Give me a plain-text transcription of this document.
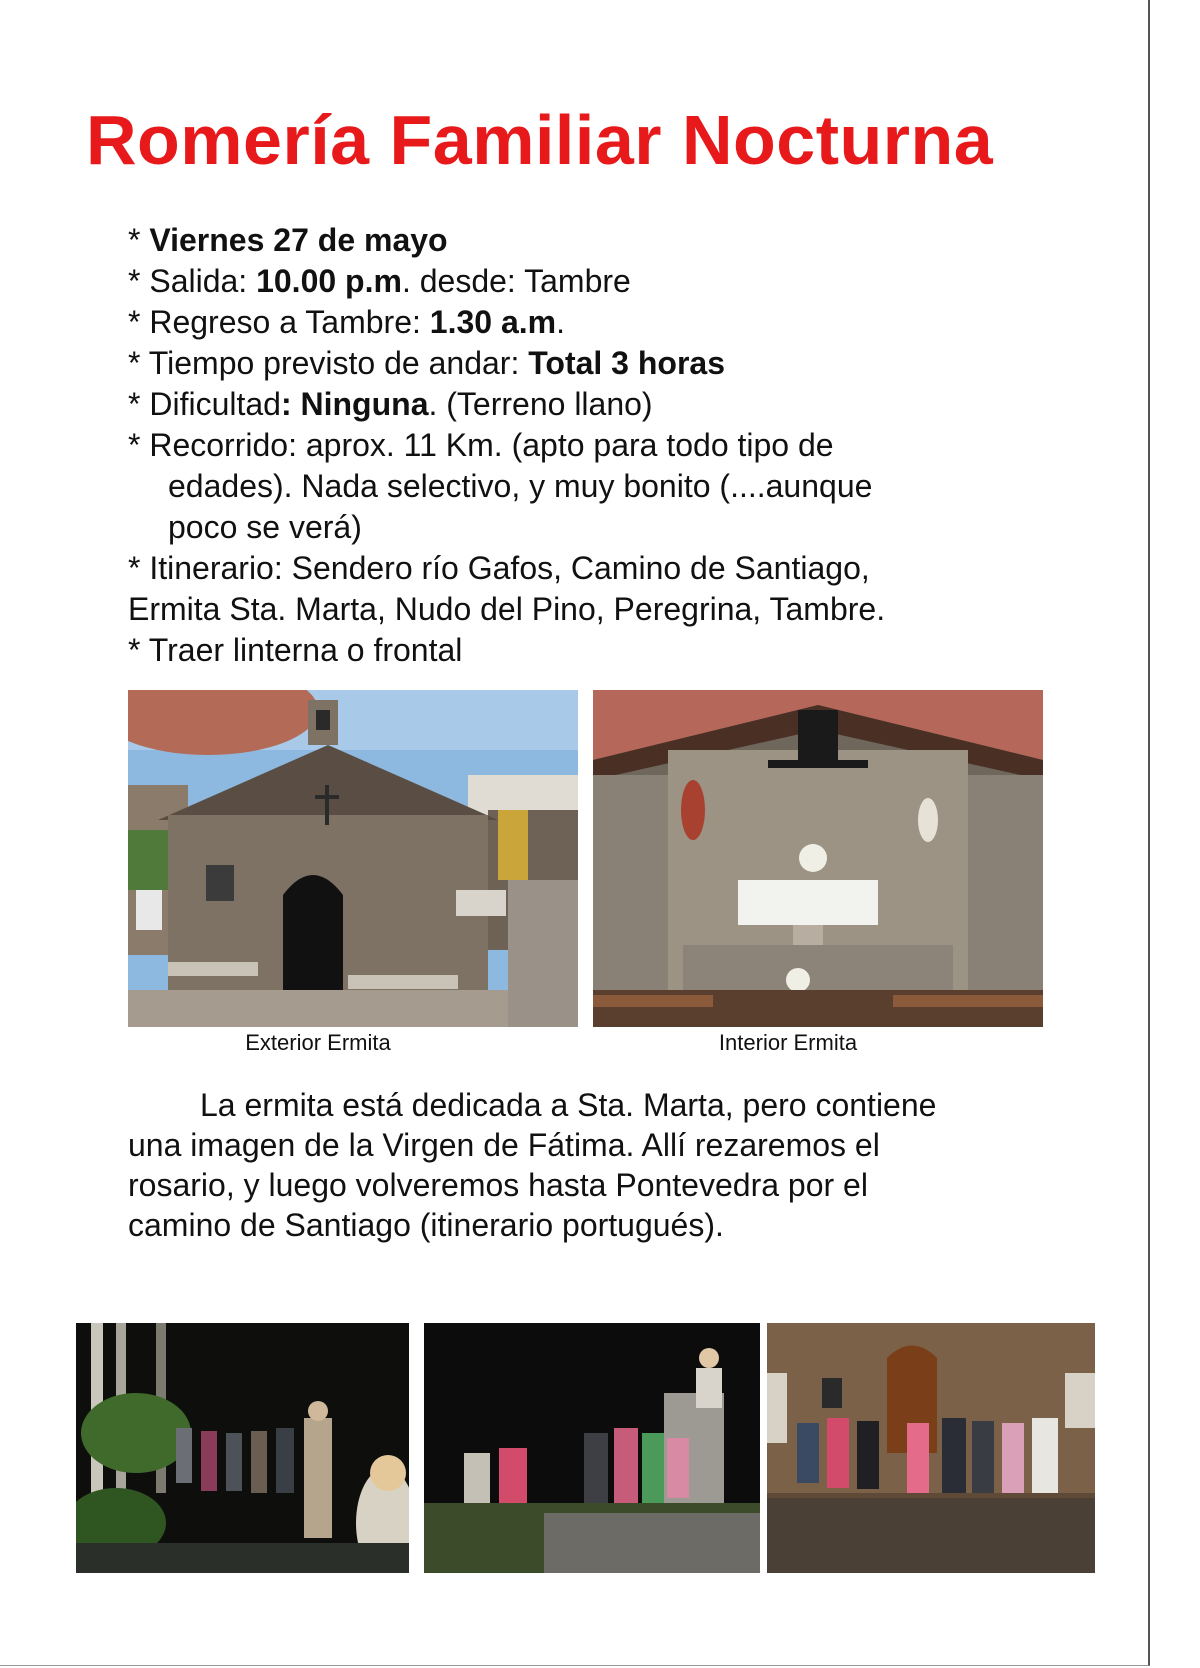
Romería Familiar Nocturna
* Viernes 27 de mayo
* Salida: 10.00 p.m. desde: Tambre
* Regreso a Tambre: 1.30 a.m.
* Tiempo previsto de andar: Total 3 horas
* Dificultad: Ninguna. (Terreno llano)
* Recorrido: aprox. 11 Km. (apto para todo tipo de
edades). Nada selectivo, y muy bonito (....aunque
poco se verá)
* Itinerario: Sendero río Gafos, Camino de Santiago,
Ermita Sta. Marta, Nudo del Pino, Peregrina, Tambre.
* Traer linterna o frontal
Exterior Ermita	Interior Ermita

La ermita está dedicada a Sta. Marta, pero contiene una imagen de la Virgen de Fátima. Allí rezaremos el rosario, y luego volveremos hasta Pontevedra por el camino de Santiago (itinerario portugués).
